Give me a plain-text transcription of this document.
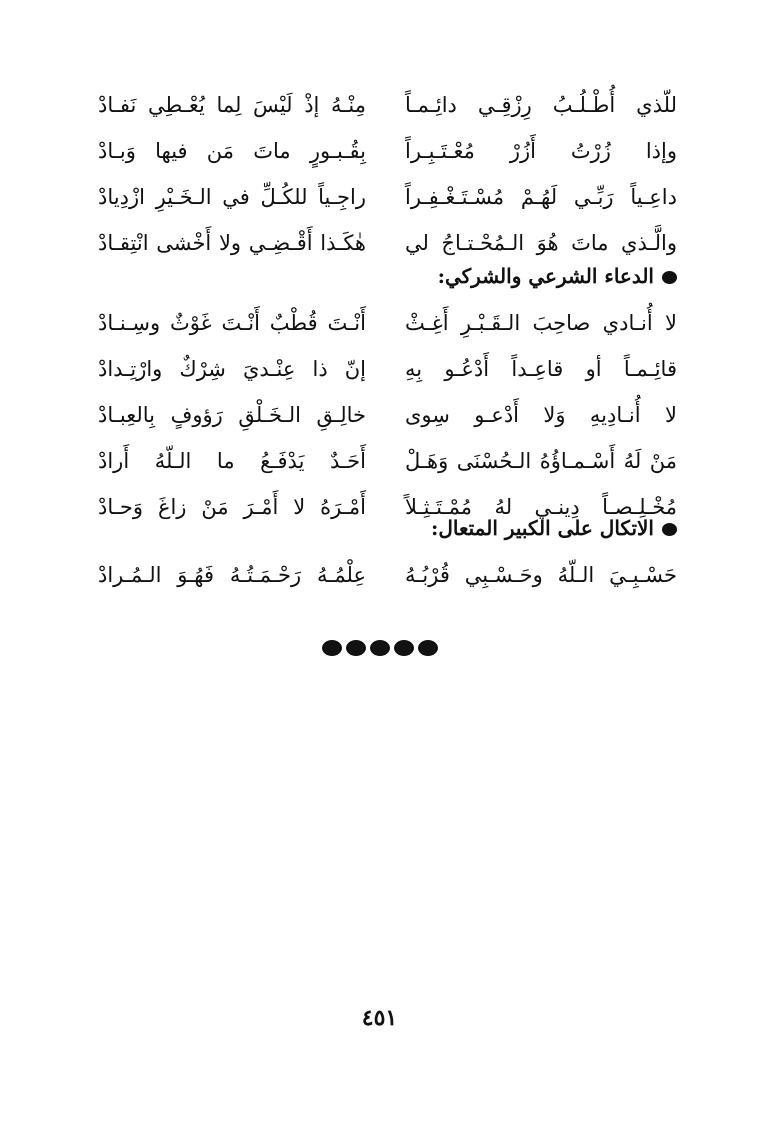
للّذي أُطْـلُـبُ رِزْقِـي دائِـمـاً
مِنْـهُ إذْ لَيْسَ لِما يُعْـطِي نَفـادْ
وإذا زُرْتُ أَزُرْ مُعْـتَـبِـراً
بِقُـبـورٍ ماتَ مَن فيها وَبـادْ
داعِـياً رَبِّـي لَهُـمْ مُسْـتَـغْـفِـراً
راجِـياً للكُـلِّ في الـخَـيْرِ ازْدِيادْ
والَّـذي ماتَ هُوَ الـمُحْـتـاجُ لي
هٰكَـذا أَقْـضِـي ولا أَخْشى انْتِقـادْ
الدعاء الشرعي والشركي:
لا أُنـادي صاحِبَ الـقَـبْـرِ أَغِـثْ
أَنْـتَ قُطْبٌ أَنْـتَ غَوْثٌ وسِـنـادْ
قائِـمـاً أو قاعِـداً أَدْعُـو بِهِ
إنّ ذا عِنْـديَ شِرْكٌ وارْتِـدادْ
لا أُنـادِيهِ وَلا أَدْعـو سِوى
خالِـقِ الـخَـلْقِ رَؤوفٍ بِالعِبـادْ
مَنْ لَهُ أَسْـمـاؤُهُ الـحُسْنَى وَهَـلْ
أَحَـدٌ يَدْفَـعُ ما الـلّهُ أَرادْ
مُخْـلِـصـاً دِينـي لهُ مُمْـتَـثِـلاً
أَمْـرَهُ لا أَمْـرَ مَنْ زاغَ وَحـادْ
الاتكال على الكبير المتعال:
حَسْـبِـيَ الـلّهُ وحَـسْـبِي قُرْبُـهُ
عِلْمُـهُ رَحْـمَـتُـهُ فَهُـوَ الـمُـرادْ
٤٥١
